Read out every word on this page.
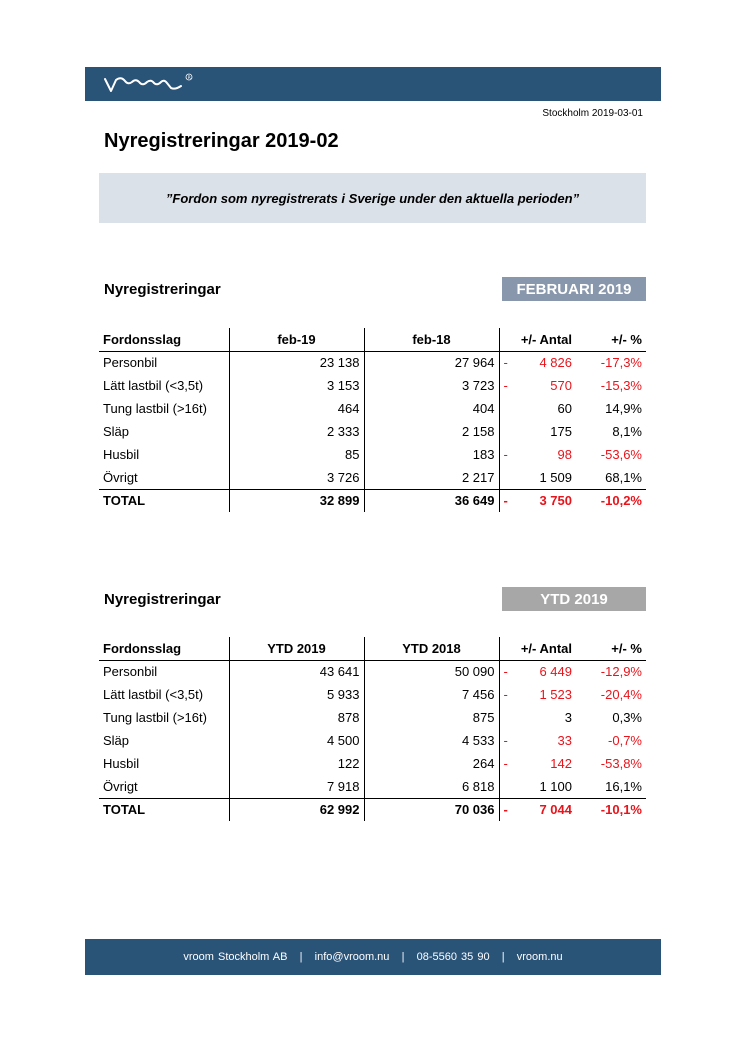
R
Stockholm 2019-03-01
Nyregistreringar 2019-02
”Fordon som nyregistrerats i Sverige under den aktuella perioden”
Nyregistreringar	FEBRUARI 2019
Fordonsslag	feb-19	feb-18	+/- Antal	+/- %
Personbil	23 138	27 964	- 4 826	-17,3%
Lätt lastbil (<3,5t)	3 153	3 723	- 570	-15,3%
Tung lastbil (>16t)	464	404	60	14,9%
Släp	2 333	2 158	175	8,1%
Husbil	85	183	- 98	-53,6%
Övrigt	3 726	2 217	1 509	68,1%
TOTAL	32 899	36 649	- 3 750	-10,2%
Nyregistreringar	YTD 2019
Fordonsslag	YTD 2019	YTD 2018	+/- Antal	+/- %
Personbil	43 641	50 090	- 6 449	-12,9%
Lätt lastbil (<3,5t)	5 933	7 456	- 1 523	-20,4%
Tung lastbil (>16t)	878	875	3	0,3%
Släp	4 500	4 533	- 33	-0,7%
Husbil	122	264	- 142	-53,8%
Övrigt	7 918	6 818	1 100	16,1%
TOTAL	62 992	70 036	- 7 044	-10,1%
vroom Stockholm AB   |   info@vroom.nu   |   08-5560 35 90   |   vroom.nu
